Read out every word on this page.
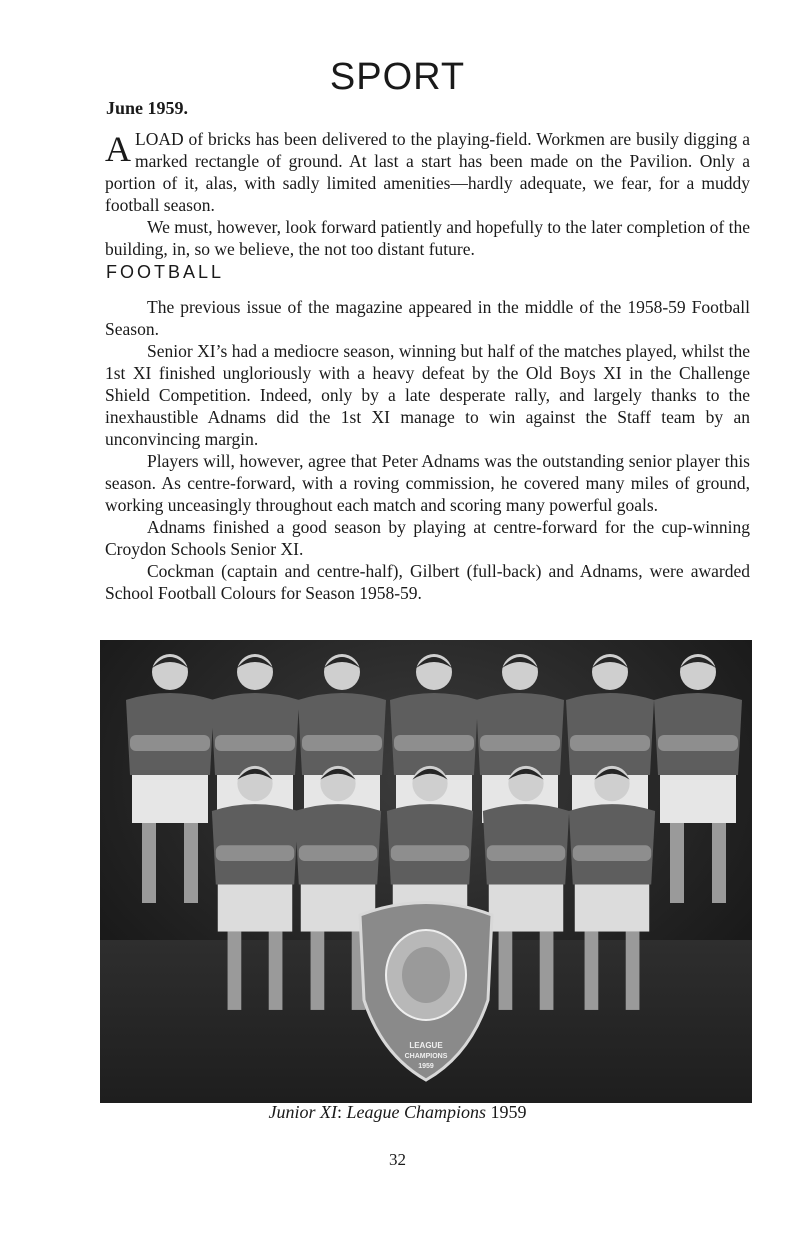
SPORT
June 1959.

ALOAD of bricks has been delivered to the playing-field. Workmen are busily digging a marked rectangle of ground. At last a start has been made on the Pavilion. Only a portion of it, alas, with sadly limited amenities—hardly adequate, we fear, for a muddy football season.

We must, however, look forward patiently and hopefully to the later completion of the building, in, so we believe, the not too distant future.

FOOTBALL

The previous issue of the magazine appeared in the middle of the 1958-59 Football Season.

Senior XI’s had a mediocre season, winning but half of the matches played, whilst the 1st XI finished ungloriously with a heavy defeat by the Old Boys XI in the Challenge Shield Competition. Indeed, only by a late desperate rally, and largely thanks to the inexhaustible Adnams did the 1st XI manage to win against the Staff team by an unconvincing margin.

Players will, however, agree that Peter Adnams was the outstanding senior player this season. As centre-forward, with a roving commission, he covered many miles of ground, working unceasingly throughout each match and scoring many powerful goals.

Adnams finished a good season by playing at centre-forward for the cup-winning Croydon Schools Senior XI.

Cockman (captain and centre-half), Gilbert (full-back) and Adnams, were awarded School Football Colours for Season 1958-59.

LEAGUE
CHAMPIONS
1959
Junior XI: League Champions 1959
32
